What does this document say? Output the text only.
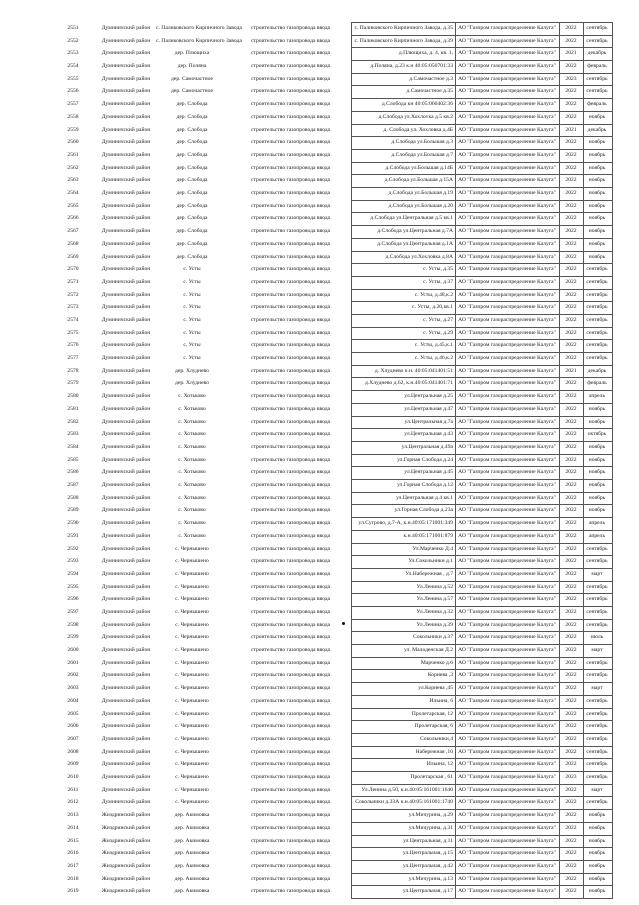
2551	Думиничский район	с. Паликовского Кирпичного Завода	строительство газопровода ввода	с. Паликовского Кирпичного Завода, д.35 АО "Газпром газораспределение Калуга"	2022	сентябрь
2552	Думиничский район	с. Паликовского Кирпичного Завода	строительство газопровода ввода	с. Паликовского Кирпичного Завода, д.39 АО "Газпром газораспределение Калуга"	2022	сентябрь
2553	Думиничский район	дер. Плющиха	строительство газопровода ввода	д.Плющиха, д. 4, кв. 1, АО "Газпром газораспределение Калуга"	2021	декабрь
2554	Думиничский район	дер. Поляна	строительство газопровода ввода	д.Поляна, д.23 к.н 40:05:050701:33 АО "Газпром газораспределение Калуга"	2022	февраль
2555	Думиничский район	дер. Самочастное	строительство газопровода ввода	д.Самочастное д.3 АО "Газпром газораспределение Калуга"	2023	сентябрь
2556	Думиничский район	дер. Самочастное	строительство газопровода ввода	д.Самочастное д.35 АО "Газпром газораспределение Калуга"	2022	сентябрь
2557	Думиничский район	дер. Слобода	строительство газопровода ввода	д.Слобода кн 40:05:060402:36 АО "Газпром газораспределение Калуга"	2022	февраль
2558	Думиничский район	дер. Слобода	строительство газопровода ввода	д.Слобода ул.Хохлovка д.5 кв.2 АО "Газпром газораспределение Калуга"	2022	ноябрь
2559	Думиничский район	дер. Слобода	строительство газопровода ввода	д. Слобода ул. Хохловка д.4Б АО "Газпром газораспределение Калуга"	2021	декабрь
2560	Думиничский район	дер. Слобода	строительство газопровода ввода	д.Слобода ул.Большая д.3 АО "Газпром газораспределение Калуга"	2022	ноябрь
2561	Думиничский район	дер. Слобода	строительство газопровода ввода	д.Слобода ул.Большая д.7 АО "Газпром газораспределение Калуга"	2022	ноябрь
2562	Думиничский район	дер. Слобода	строительство газопровода ввода	д.Слобода ул.Большая д.14Б АО "Газпром газораспределение Калуга"	2022	ноябрь
2563	Думиничский район	дер. Слобода	строительство газопровода ввода	д.Слобода ул.Большая д.15А АО "Газпром газораспределение Калуга"	2022	ноябрь
2564	Думиничский район	дер. Слобода	строительство газопровода ввода	д.Слобода ул.Большая д.19 АО "Газпром газораспределение Калуга"	2022	ноябрь
2565	Думиничский район	дер. Слобода	строительство газопровода ввода	д.Слобода ул.Большая д.20 АО "Газпром газораспределение Калуга"	2022	ноябрь
2566	Думиничский район	дер. Слобода	строительство газопровода ввода	д.Слобода ул.Центральная д.5 кв.1 АО "Газпром газораспределение Калуга"	2022	ноябрь
2567	Думиничский район	дер. Слобода	строительство газопровода ввода	д.Слобода ул.Центральная д.7А АО "Газпром газораспределение Калуга"	2022	ноябрь
2568	Думиничский район	дер. Слобода	строительство газопровода ввода	д.Слобода ул.Центральная д.1А АО "Газпром газораспределение Калуга"	2022	ноябрь
2569	Думиничский район	дер. Слобода	строительство газопровода ввода	д.Слобода ул.Хохловка д.8А АО "Газпром газораспределение Калуга"	2022	ноябрь
2570	Думиничский район	с. Усты	строительство газопровода ввода	с. Усты, д.35 АО "Газпром газораспределение Калуга"	2022	сентябрь
2571	Думиничский район	с. Усты	строительство газопровода ввода	с. Усты, д.37 АО "Газпром газораспределение Калуга"	2022	сентябрь
2572	Думиничский район	с. Усты	строительство газопровода ввода	с. Усты, д.48,к.2 АО "Газпром газораспределение Калуга"	2022	сентябрь
2573	Думиничский район	с. Усты	строительство газопровода ввода	с. Усты, д.20,кв.1 АО "Газпром газораспределение Калуга"	2022	сентябрь
2574	Думиничский район	с. Усты	строительство газопровода ввода	с. Усты, д.27 АО "Газпром газораспределение Калуга"	2022	сентябрь
2575	Думиничский район	с. Усты	строительство газопровода ввода	с. Усты, д.29 АО "Газпром газораспределение Калуга"	2022	сентябрь
2576	Думиничский район	с. Усты	строительство газопровода ввода	с. Усты, д.45,к.1 АО "Газпром газораспределение Калуга"	2022	сентябрь
2577	Думиничский район	с. Усты	строительство газопровода ввода	с. Усты, д.46,к.2 АО "Газпром газораспределение Калуга"	2022	сентябрь
2578	Думиничский район	дер. Хлуднево	строительство газопровода ввода	д. Хлуднево к.н. 40:05:041401:51 АО "Газпром газораспределение Калуга"	2021	декабрь
2579	Думиничский район	дер. Хлуднево	строительство газопровода ввода	д.Хлуднево д.62, к.н.40:05:041401:71 АО "Газпром газораспределение Калуга"	2022	февраль
2580	Думиничский район	с. Хотьково	строительство газопровода ввода	ул.Центральная д.25 АО "Газпром газораспределение Калуга"	2022	апрель
2581	Думиничский район	с. Хотьково	строительство газопровода ввода	ул.Центральная д.47 АО "Газпром газораспределение Калуга"	2022	ноябрь
2582	Думиничский район	с. Хотьково	строительство газопровода ввода	ул.Центральная д.7а АО "Газпром газораспределение Калуга"	2022	ноябрь
2583	Думиничский район	с. Хотьково	строительство газопровода ввода	ул.Центральная д.43 АО "Газпром газораспределение Калуга"	2022	октябрь
2584	Думиничский район	с. Хотьково	строительство газопровода ввода	ул.Центральная д.49а АО "Газпром газораспределение Калуга"	2022	ноябрь
2585	Думиничский район	с. Хотьково	строительство газопровода ввода	ул.Горная Слобода д.24 АО "Газпром газораспределение Калуга"	2022	ноябрь
2586	Думиничский район	с. Хотьково	строительство газопровода ввода	ул.Центральная д.45 АО "Газпром газораспределение Калуга"	2022	ноябрь
2587	Думиничский район	с. Хотьково	строительство газопровода ввода	ул.Горная Слобода д.12 АО "Газпром газораспределение Калуга"	2022	ноябрь
2588	Думиничский район	с. Хотьково	строительство газопровода ввода	ул.Центральная д.4 кв.1 АО "Газпром газораспределение Калуга"	2022	ноябрь
2589	Думиничский район	с. Хотьково	строительство газопровода ввода	ул.Горная Слобода д.23а АО "Газпром газораспределение Калуга"	2022	ноябрь
2590	Думиничский район	с. Хотьково	строительство газопровода ввода	ул.Сугрово, д.7-А, к.н.40:05:171001:349 АО "Газпром газораспределение Калуга"	2022	апрель
2591	Думиничский район	с. Хотьково	строительство газопровода ввода	к.н.40:05:171001:879 АО "Газпром газораспределение Калуга"	2022	апрель
2592	Думиничский район	с. Чернышено	строительство газопровода ввода	Ул.Марченко Д.4 АО "Газпром газораспределение Калуга"	2022	сентябрь
2593	Думиничский район	с. Чернышено	строительство газопровода ввода	Ул.Сокольники д.1 АО "Газпром газораспределение Калуга"	2022	сентябрь
2594	Думиничский район	с. Чернышено	строительство газопровода ввода	Ул.Набережная , д.7 АО "Газпром газораспределение Калуга"	2022	март
2595	Думиничский район	с. Чернышено	строительство газопровода ввода	Ул.Ленина д.52 АО "Газпром газораспределение Калуга"	2022	сентябрь
2596	Думиничский район	с. Чернышено	строительство газопровода ввода	Ул.Ленина д.57 АО "Газпром газораспределение Калуга"	2022	сентябрь
2597	Думиничский район	с. Чернышено	строительство газопровода ввода	Ул.Ленина д.32 АО "Газпром газораспределение Калуга"	2022	сентябрь
2598	Думиничский район	с. Чернышено	строительство газопровода ввода	Ул.Ленина д.39 АО "Газпром газораспределение Калуга"	2022	сентябрь
2599	Думиничский район	с. Чернышено	строительство газопровода ввода	Сокольники д.37 АО "Газпром газораспределение Калуга"	2022	июль
2600	Думиничский район	с. Чернышено	строительство газопровода ввода	ул. Малоденская Д.2 АО "Газпром газораспределение Калуга"	2022	март
2601	Думиничский район	с. Чернышено	строительство газопровода ввода	Марченко д.6 АО "Газпром газораспределение Калуга"	2022	сентябрь
2602	Думиничский район	с. Чернышено	строительство газопровода ввода	Корнева ,3 АО "Газпром газораспределение Калуга"	2022	сентябрь
2603	Думиничский район	с. Чернышено	строительство газопровода ввода	ул.Корнева ,45 АО "Газпром газораспределение Калуга"	2022	март
2604	Думиничский район	с. Чернышено	строительство газопровода ввода	Ильина, 6 АО "Газпром газораспределение Калуга"	2022	сентябрь
2605	Думиничский район	с. Чернышено	строительство газопровода ввода	Пролетарская, 12 АО "Газпром газораспределение Калуга"	2022	сентябрь
2606	Думиничский район	с. Чернышено	строительство газопровода ввода	Пролетарская, 6 АО "Газпром газораспределение Калуга"	2022	сентябрь
2607	Думиничский район	с. Чернышено	строительство газопровода ввода	Сокольники,4 АО "Газпром газораспределение Калуга"	2022	сентябрь
2608	Думиничский район	с. Чернышено	строительство газопровода ввода	Набережная ,10 АО "Газпром газораспределение Калуга"	2022	сентябрь
2609	Думиничский район	с. Чернышено	строительство газопровода ввода	Ильина, 12 АО "Газпром газораспределение Калуга"	2022	сентябрь
2610	Думиничский район	с. Чернышено	строительство газопровода ввода	Пролетарская , 61 АО "Газпром газораспределение Калуга"	2023	сентябрь
2611	Думиничский район	с. Чернышено	строительство газопровода ввода	Ул.Ленина д.50, к.н.40:05:161001:1640 АО "Газпром газораспределение Калуга"	2022	март
2612	Думиничский район	с. Чернышено	строительство газопровода ввода	Сокольники д.33А к.н.40:05:161001:1740 АО "Газпром газораспределение Калуга"	2022	сентябрь
2613	Жиздринский район	дер. Акимовка	строительство газопровода ввода	ул.Мичурина, д.29 АО "Газпром газораспределение Калуга"	2022	ноябрь
2614	Жиздринский район	дер. Акимовка	строительство газопровода ввода	ул.Мичурина, д.31 АО "Газпром газораспределение Калуга"	2022	ноябрь
2615	Жиздринский район	дер. Акимовка	строительство газопровода ввода	ул.Центральная, д.11 АО "Газпром газораспределение Калуга"	2022	ноябрь
2616	Жиздринский район	дер. Акимовка	строительство газопровода ввода	ул.Центральная, д.15 АО "Газпром газораспределение Калуга"	2022	ноябрь
2617	Жиздринский район	дер. Акимовка	строительство газопровода ввода	ул.Центральная, д.42 АО "Газпром газораспределение Калуга"	2022	ноябрь
2618	Жиздринский район	дер. Акимовка	строительство газопровода ввода	ул.Мичурина, д.13 АО "Газпром газораспределение Калуга"	2022	ноябрь
2619	Жиздринский район	дер. Акимовка	строительство газопровода ввода	ул.Центральная, д.17 АО "Газпром газораспределение Калуга"	2022	ноябрь
